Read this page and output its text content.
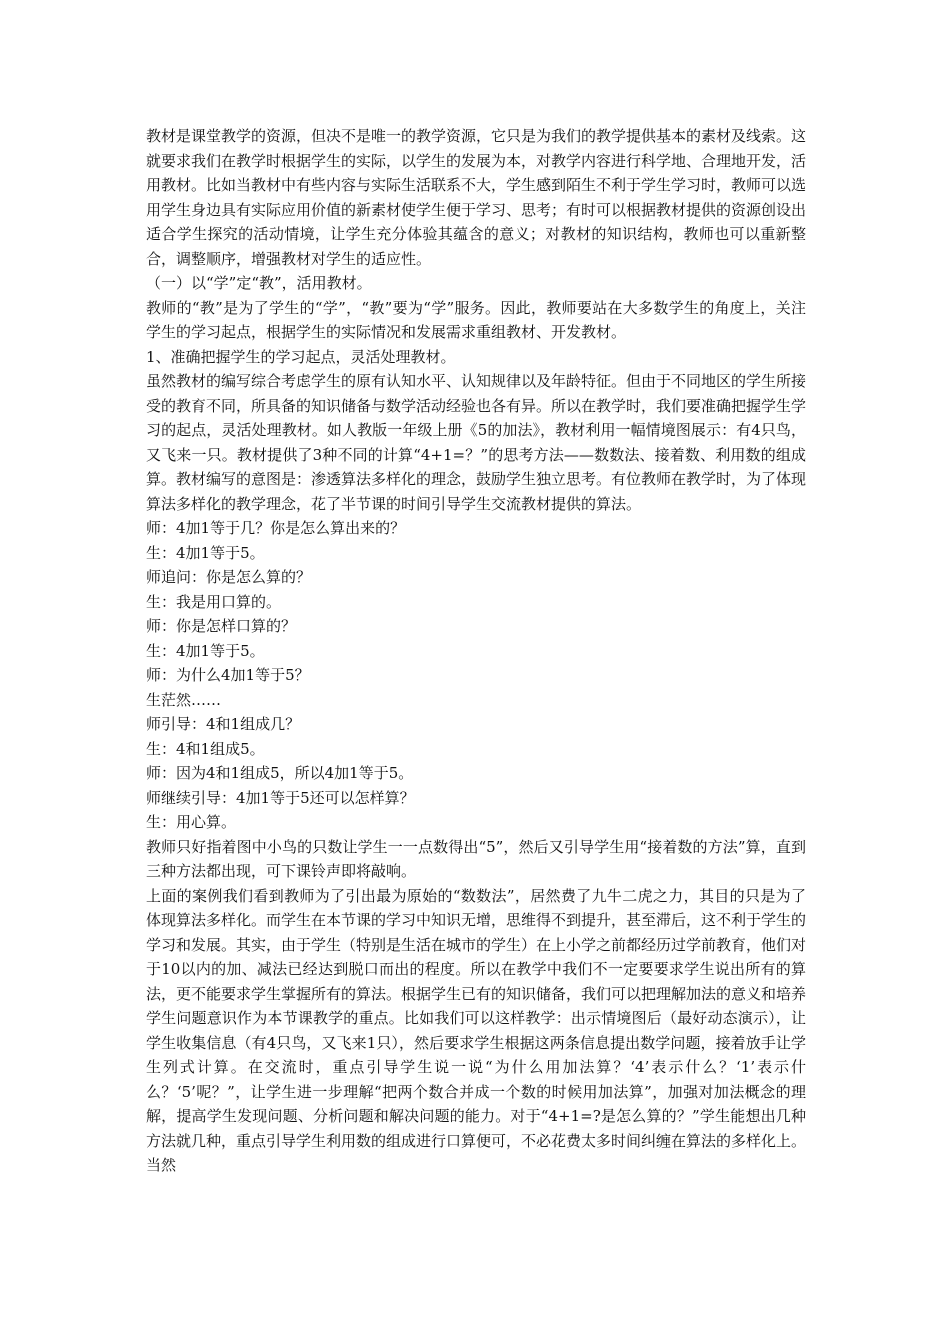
教材是课堂教学的资源，但决不是唯一的教学资源，它只是为我们的教学提供基本的素材及线索。这就要求我们在教学时根据学生的实际，以学生的发展为本，对教学内容进行科学地、合理地开发，活用教材。比如当教材中有些内容与实际生活联系不大，学生感到陌生不利于学生学习时，教师可以选用学生身边具有实际应用价值的新素材使学生便于学习、思考；有时可以根据教材提供的资源创设出适合学生探究的活动情境，让学生充分体验其蕴含的意义；对教材的知识结构，教师也可以重新整合，调整顺序，增强教材对学生的适应性。

（一）以“学”定“教”，活用教材。

教师的“教”是为了学生的“学”，“教”要为“学”服务。因此，教师要站在大多数学生的角度上，关注学生的学习起点，根据学生的实际情况和发展需求重组教材、开发教材。

1、准确把握学生的学习起点，灵活处理教材。

虽然教材的编写综合考虑学生的原有认知水平、认知规律以及年龄特征。但由于不同地区的学生所接受的教育不同，所具备的知识储备与数学活动经验也各有异。所以在教学时，我们要准确把握学生学习的起点，灵活处理教材。如人教版一年级上册《5的加法》，教材利用一幅情境图展示：有4只鸟，又飞来一只。教材提供了3种不同的计算“4+1=？”的思考方法——数数法、接着数、利用数的组成算。教材编写的意图是：渗透算法多样化的理念，鼓励学生独立思考。有位教师在教学时，为了体现算法多样化的教学理念，花了半节课的时间引导学生交流教材提供的算法。

师：4加1等于几？你是怎么算出来的？

生：4加1等于5。

师追问：你是怎么算的？

生：我是用口算的。

师：你是怎样口算的？

生：4加1等于5。

师：为什么4加1等于5？

生茫然……

师引导：4和1组成几？

生：4和1组成5。

师：因为4和1组成5，所以4加1等于5。

师继续引导：4加1等于5还可以怎样算？

生：用心算。

教师只好指着图中小鸟的只数让学生一一点数得出“5”，然后又引导学生用“接着数的方法”算，直到三种方法都出现，可下课铃声即将敲响。

上面的案例我们看到教师为了引出最为原始的“数数法”，居然费了九牛二虎之力，其目的只是为了体现算法多样化。而学生在本节课的学习中知识无增，思维得不到提升，甚至滞后，这不利于学生的学习和发展。其实，由于学生（特别是生活在城市的学生）在上小学之前都经历过学前教育，他们对于10以内的加、减法已经达到脱口而出的程度。所以在教学中我们不一定要要求学生说出所有的算法，更不能要求学生掌握所有的算法。根据学生已有的知识储备，我们可以把理解加法的意义和培养学生问题意识作为本节课教学的重点。比如我们可以这样教学：出示情境图后（最好动态演示），让学生收集信息（有4只鸟，又飞来1只），然后要求学生根据这两条信息提出数学问题，接着放手让学生列式计算。在交流时，重点引导学生说一说“为什么用加法算？‘4’表示什么？‘1’表示什么？‘5’呢？”，让学生进一步理解“把两个数合并成一个数的时候用加法算”，加强对加法概念的理解，提高学生发现问题、分析问题和解决问题的能力。对于“4+1=?是怎么算的？”学生能想出几种方法就几种，重点引导学生利用数的组成进行口算便可，不必花费太多时间纠缠在算法的多样化上。当然
